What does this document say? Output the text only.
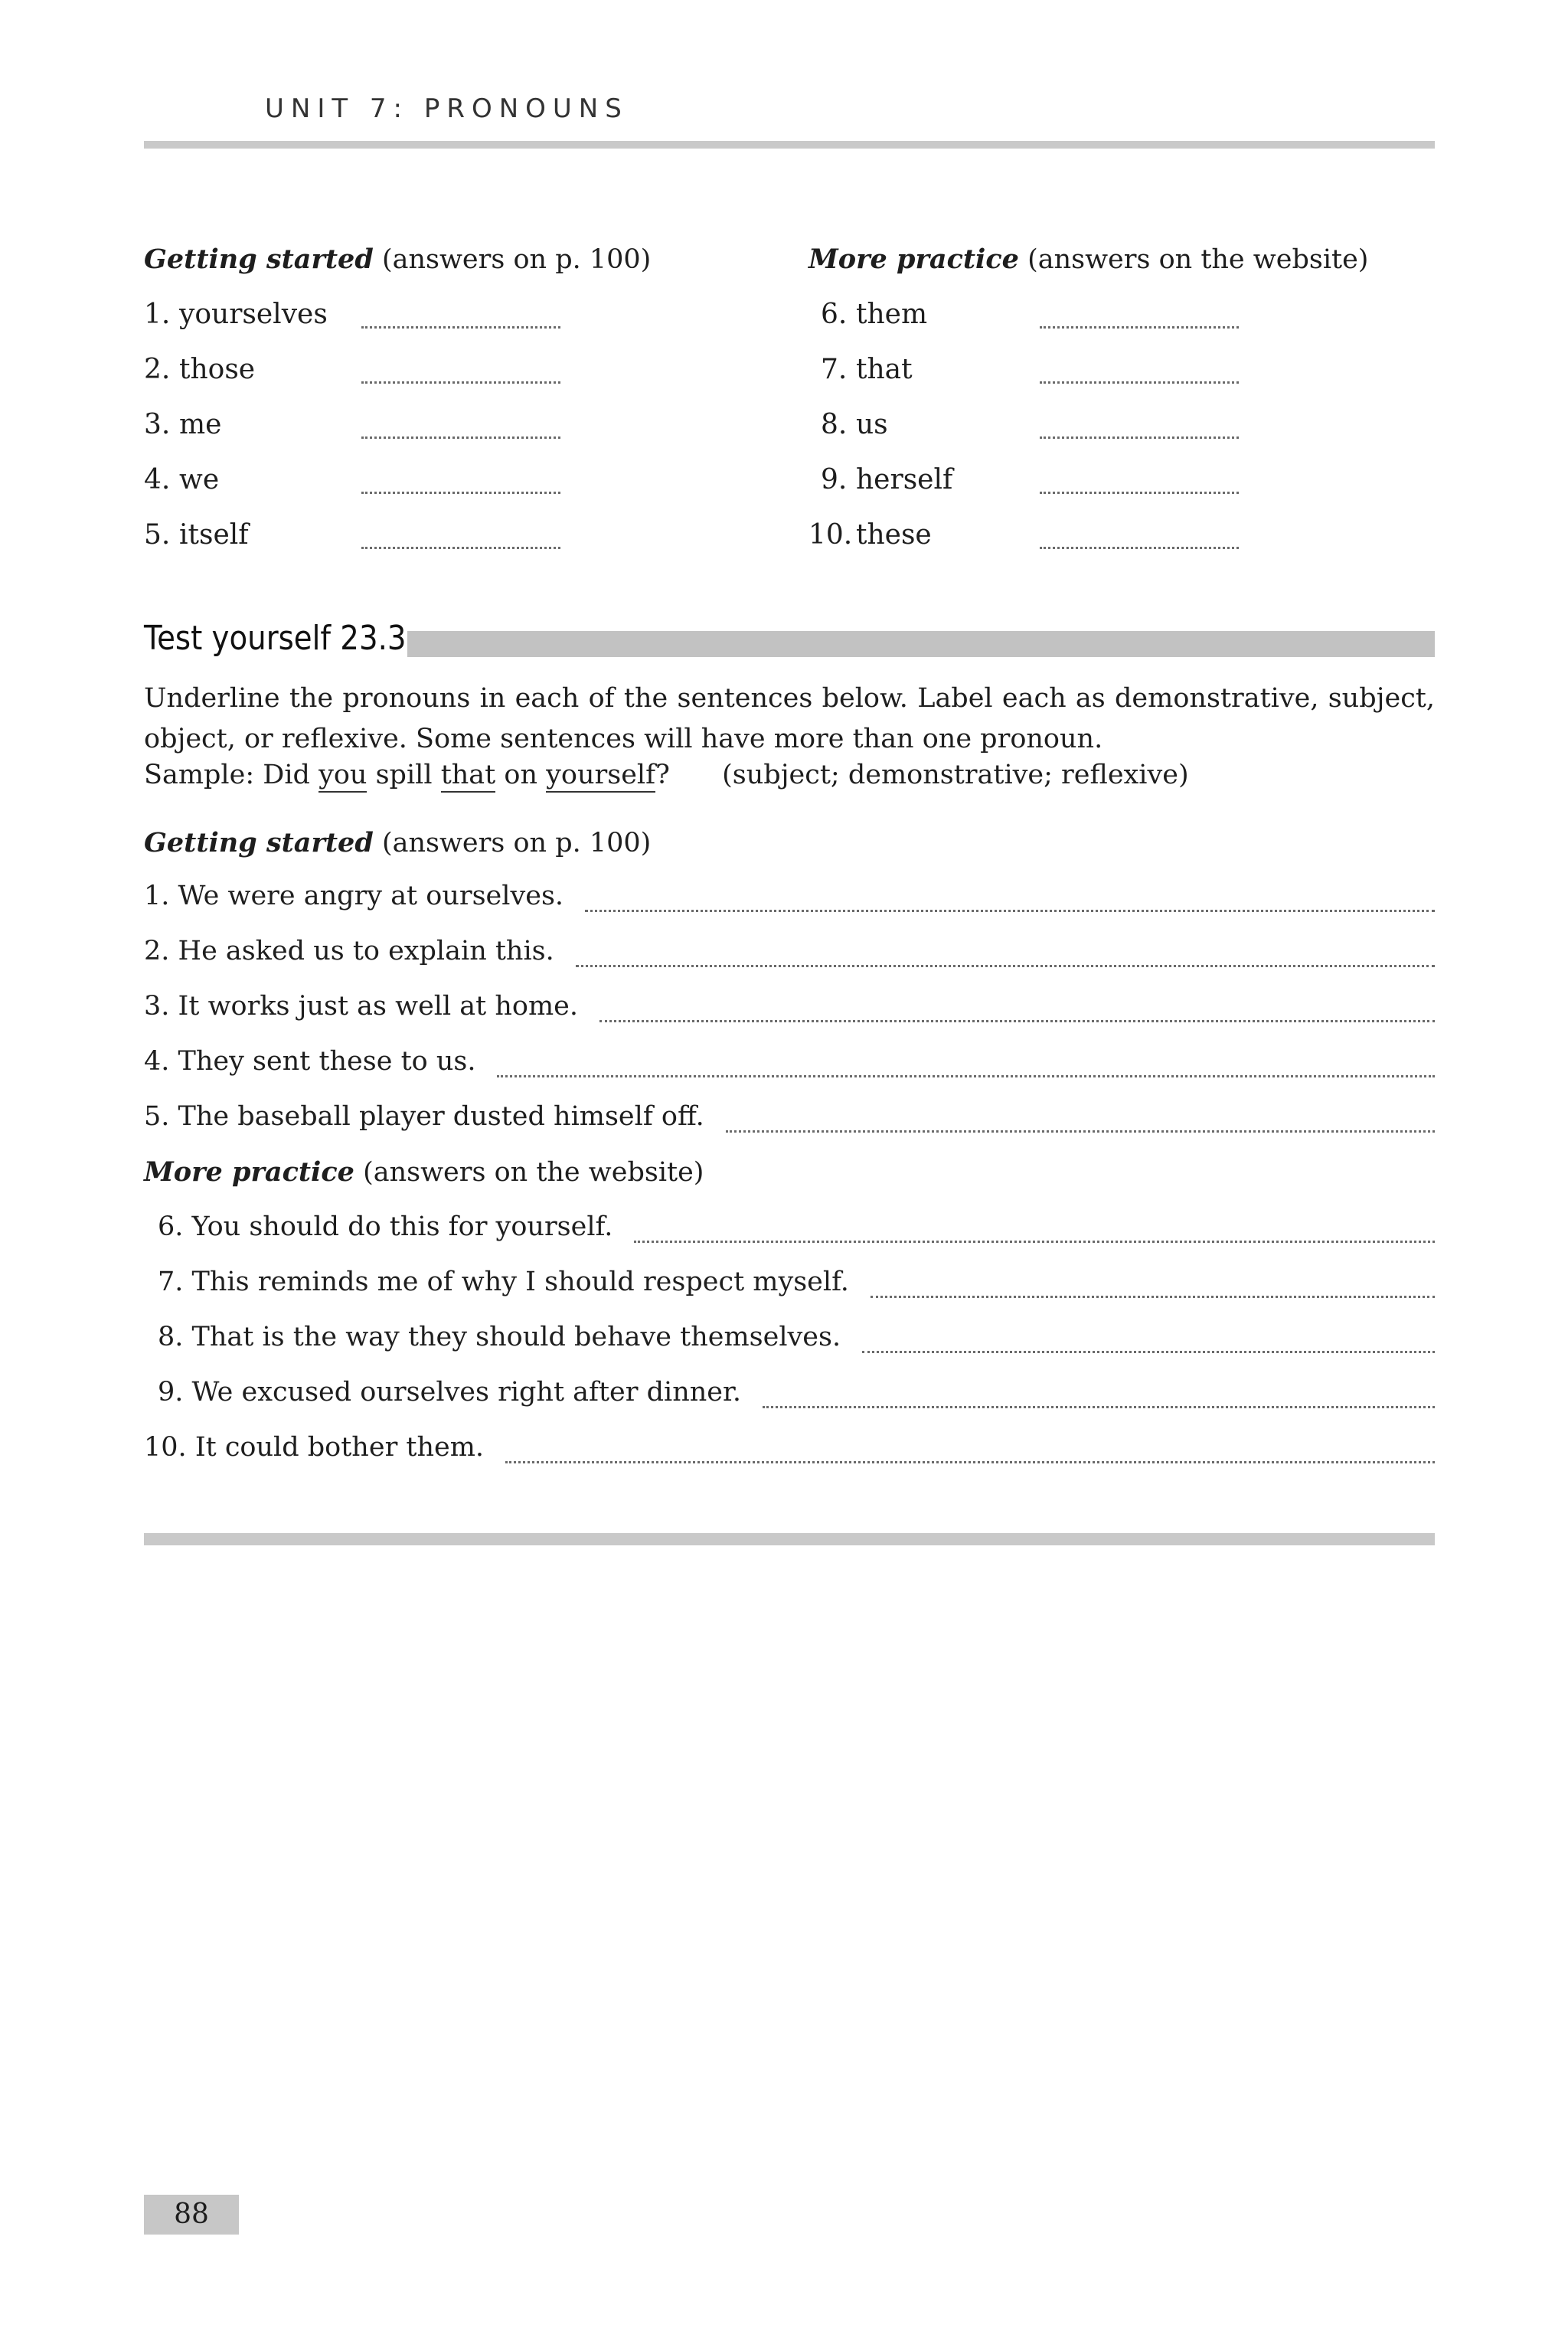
UNIT 7: PRONOUNS
Getting started (answers on p. 100)	More practice (answers on the website)
1. yourselves
2. those
3. me
4. we
5. itself
6. them
7. that
8. us
9. herself
10. these
Test yourself 23.3
Underline the pronouns in each of the sentences below. Label each as demonstrative, subject, object, or reflexive. Some sentences will have more than one pronoun.
Sample: Did you spill that on yourself? (subject; demonstrative; reflexive)
Getting started (answers on p. 100)
1. We were angry at ourselves.
2. He asked us to explain this.
3. It works just as well at home.
4. They sent these to us.
5. The baseball player dusted himself off.
More practice (answers on the website)
6. You should do this for yourself.
7. This reminds me of why I should respect myself.
8. That is the way they should behave themselves.
9. We excused ourselves right after dinner.
10. It could bother them.
88
